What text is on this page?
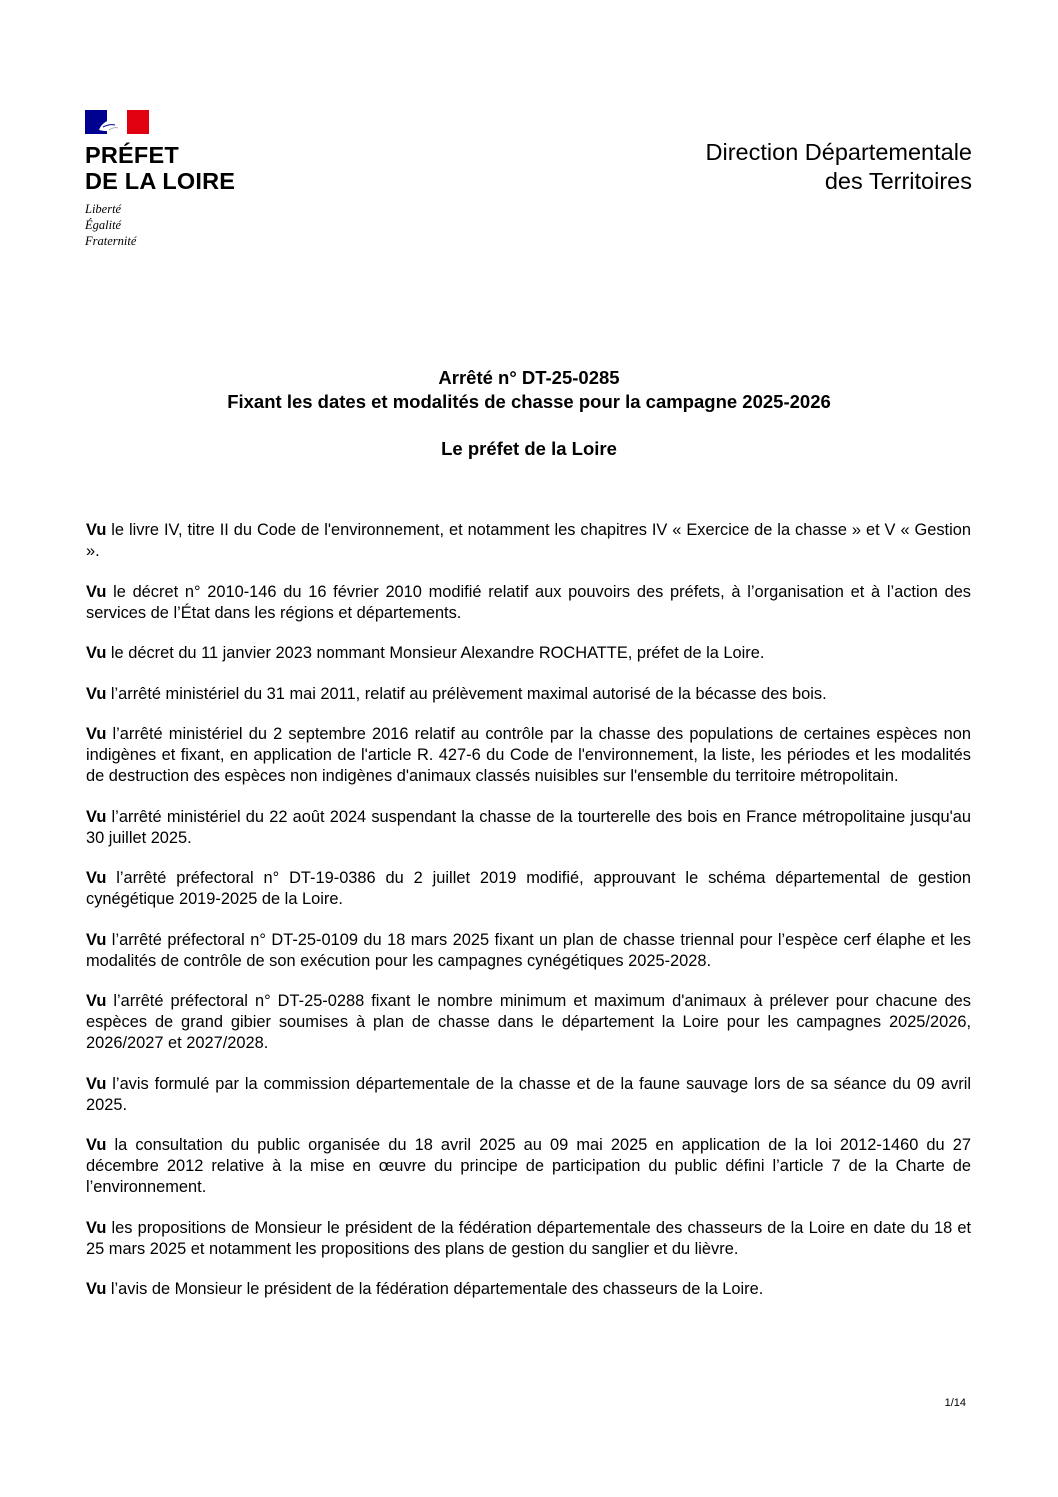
PRÉFET
DE LA LOIRE
Liberté
Égalité
Fraternité
Direction Départementale
des Territoires
Arrêté n° DT-25-0285
Fixant les dates et modalités de chasse pour la campagne 2025-2026
Le préfet de la Loire

Vu le livre IV, titre II du Code de l'environnement, et notamment les chapitres IV « Exercice de la chasse » et V « Gestion ».

Vu le décret n° 2010-146 du 16 février 2010 modifié relatif aux pouvoirs des préfets, à l’organisation et à l’action des services de l’État dans les régions et départements.

Vu le décret du 11 janvier 2023 nommant Monsieur Alexandre ROCHATTE, préfet de la Loire.

Vu l’arrêté ministériel du 31 mai 2011, relatif au prélèvement maximal autorisé de la bécasse des bois.

Vu l’arrêté ministériel du 2 septembre 2016 relatif au contrôle par la chasse des populations de certaines espèces non indigènes et fixant, en application de l'article R. 427-6 du Code de l'environnement, la liste, les périodes et les modalités de destruction des espèces non indigènes d'animaux classés nuisibles sur l'ensemble du territoire métropolitain.

Vu l’arrêté ministériel du 22 août 2024 suspendant la chasse de la tourterelle des bois en France métropolitaine jusqu'au 30 juillet 2025.

Vu l’arrêté préfectoral n° DT-19-0386 du 2 juillet 2019 modifié, approuvant le schéma départemental de gestion cynégétique 2019-2025 de la Loire.

Vu l’arrêté préfectoral n° DT-25-0109 du 18 mars 2025 fixant un plan de chasse triennal pour l’espèce cerf élaphe et les modalités de contrôle de son exécution pour les campagnes cynégétiques 2025-2028.

Vu l’arrêté préfectoral n° DT-25-0288 fixant le nombre minimum et maximum d'animaux à prélever pour chacune des espèces de grand gibier soumises à plan de chasse dans le département la Loire pour les campagnes 2025/2026, 2026/2027 et 2027/2028.

Vu l’avis formulé par la commission départementale de la chasse et de la faune sauvage lors de sa séance du 09 avril 2025.

Vu la consultation du public organisée du 18 avril 2025 au 09 mai 2025 en application de la loi 2012-1460 du 27 décembre 2012 relative à la mise en œuvre du principe de participation du public défini l’article 7 de la Charte de l’environnement.

Vu les propositions de Monsieur le président de la fédération départementale des chasseurs de la Loire en date du 18 et 25 mars 2025 et notamment les propositions des plans de gestion du sanglier et du lièvre.

Vu l’avis de Monsieur le président de la fédération départementale des chasseurs de la Loire.

1/14
